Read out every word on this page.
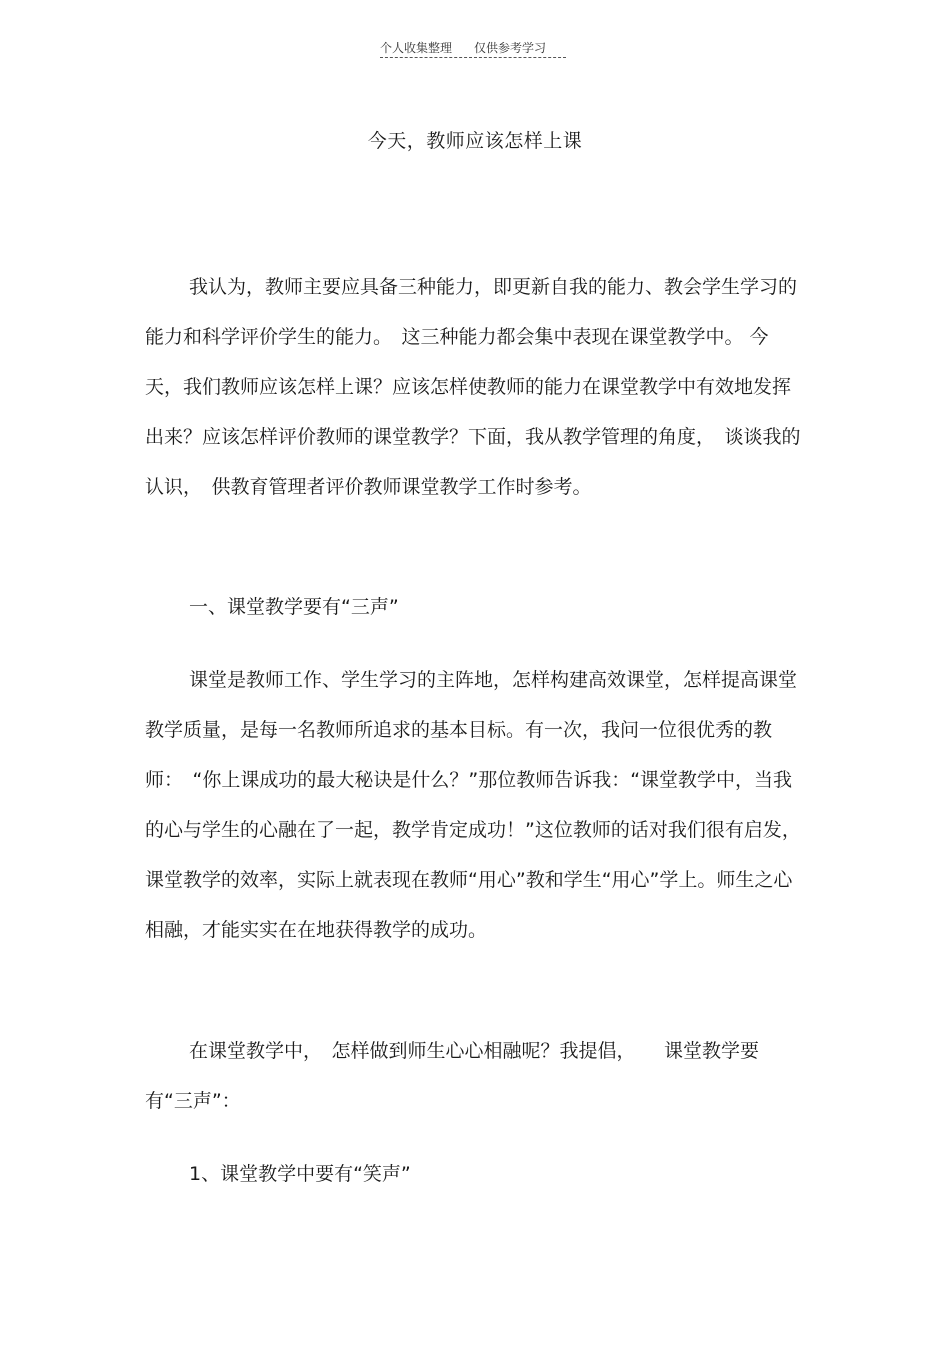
个人收集整理 仅供参考学习
今天，教师应该怎样上课
我认为，教师主要应具备三种能力，即更新自我的能力、教会学生学习的能力和科学评价学生的能力。　这三种能力都会集中表现在课堂教学中。 今天，我们教师应该怎样上课？应该怎样使教师的能力在课堂教学中有效地发挥出来？应该怎样评价教师的课堂教学？下面，我从教学管理的角度，　谈谈我的认识，　供教育管理者评价教师课堂教学工作时参考。
一、课堂教学要有“三声”
课堂是教师工作、学生学习的主阵地，怎样构建高效课堂，怎样提高课堂教学质量，是每一名教师所追求的基本目标。有一次，我问一位很优秀的教师：　“你上课成功的最大秘诀是什么？”那位教师告诉我：“课堂教学中，当我的心与学生的心融在了一起，教学肯定成功！”这位教师的话对我们很有启发，课堂教学的效率，实际上就表现在教师“用心”教和学生“用心”学上。师生之心相融，才能实实在在地获得教学的成功。
在课堂教学中，　怎样做到师生心心相融呢？我提倡，　　课堂教学要有“三声”：
1、课堂教学中要有“笑声”
